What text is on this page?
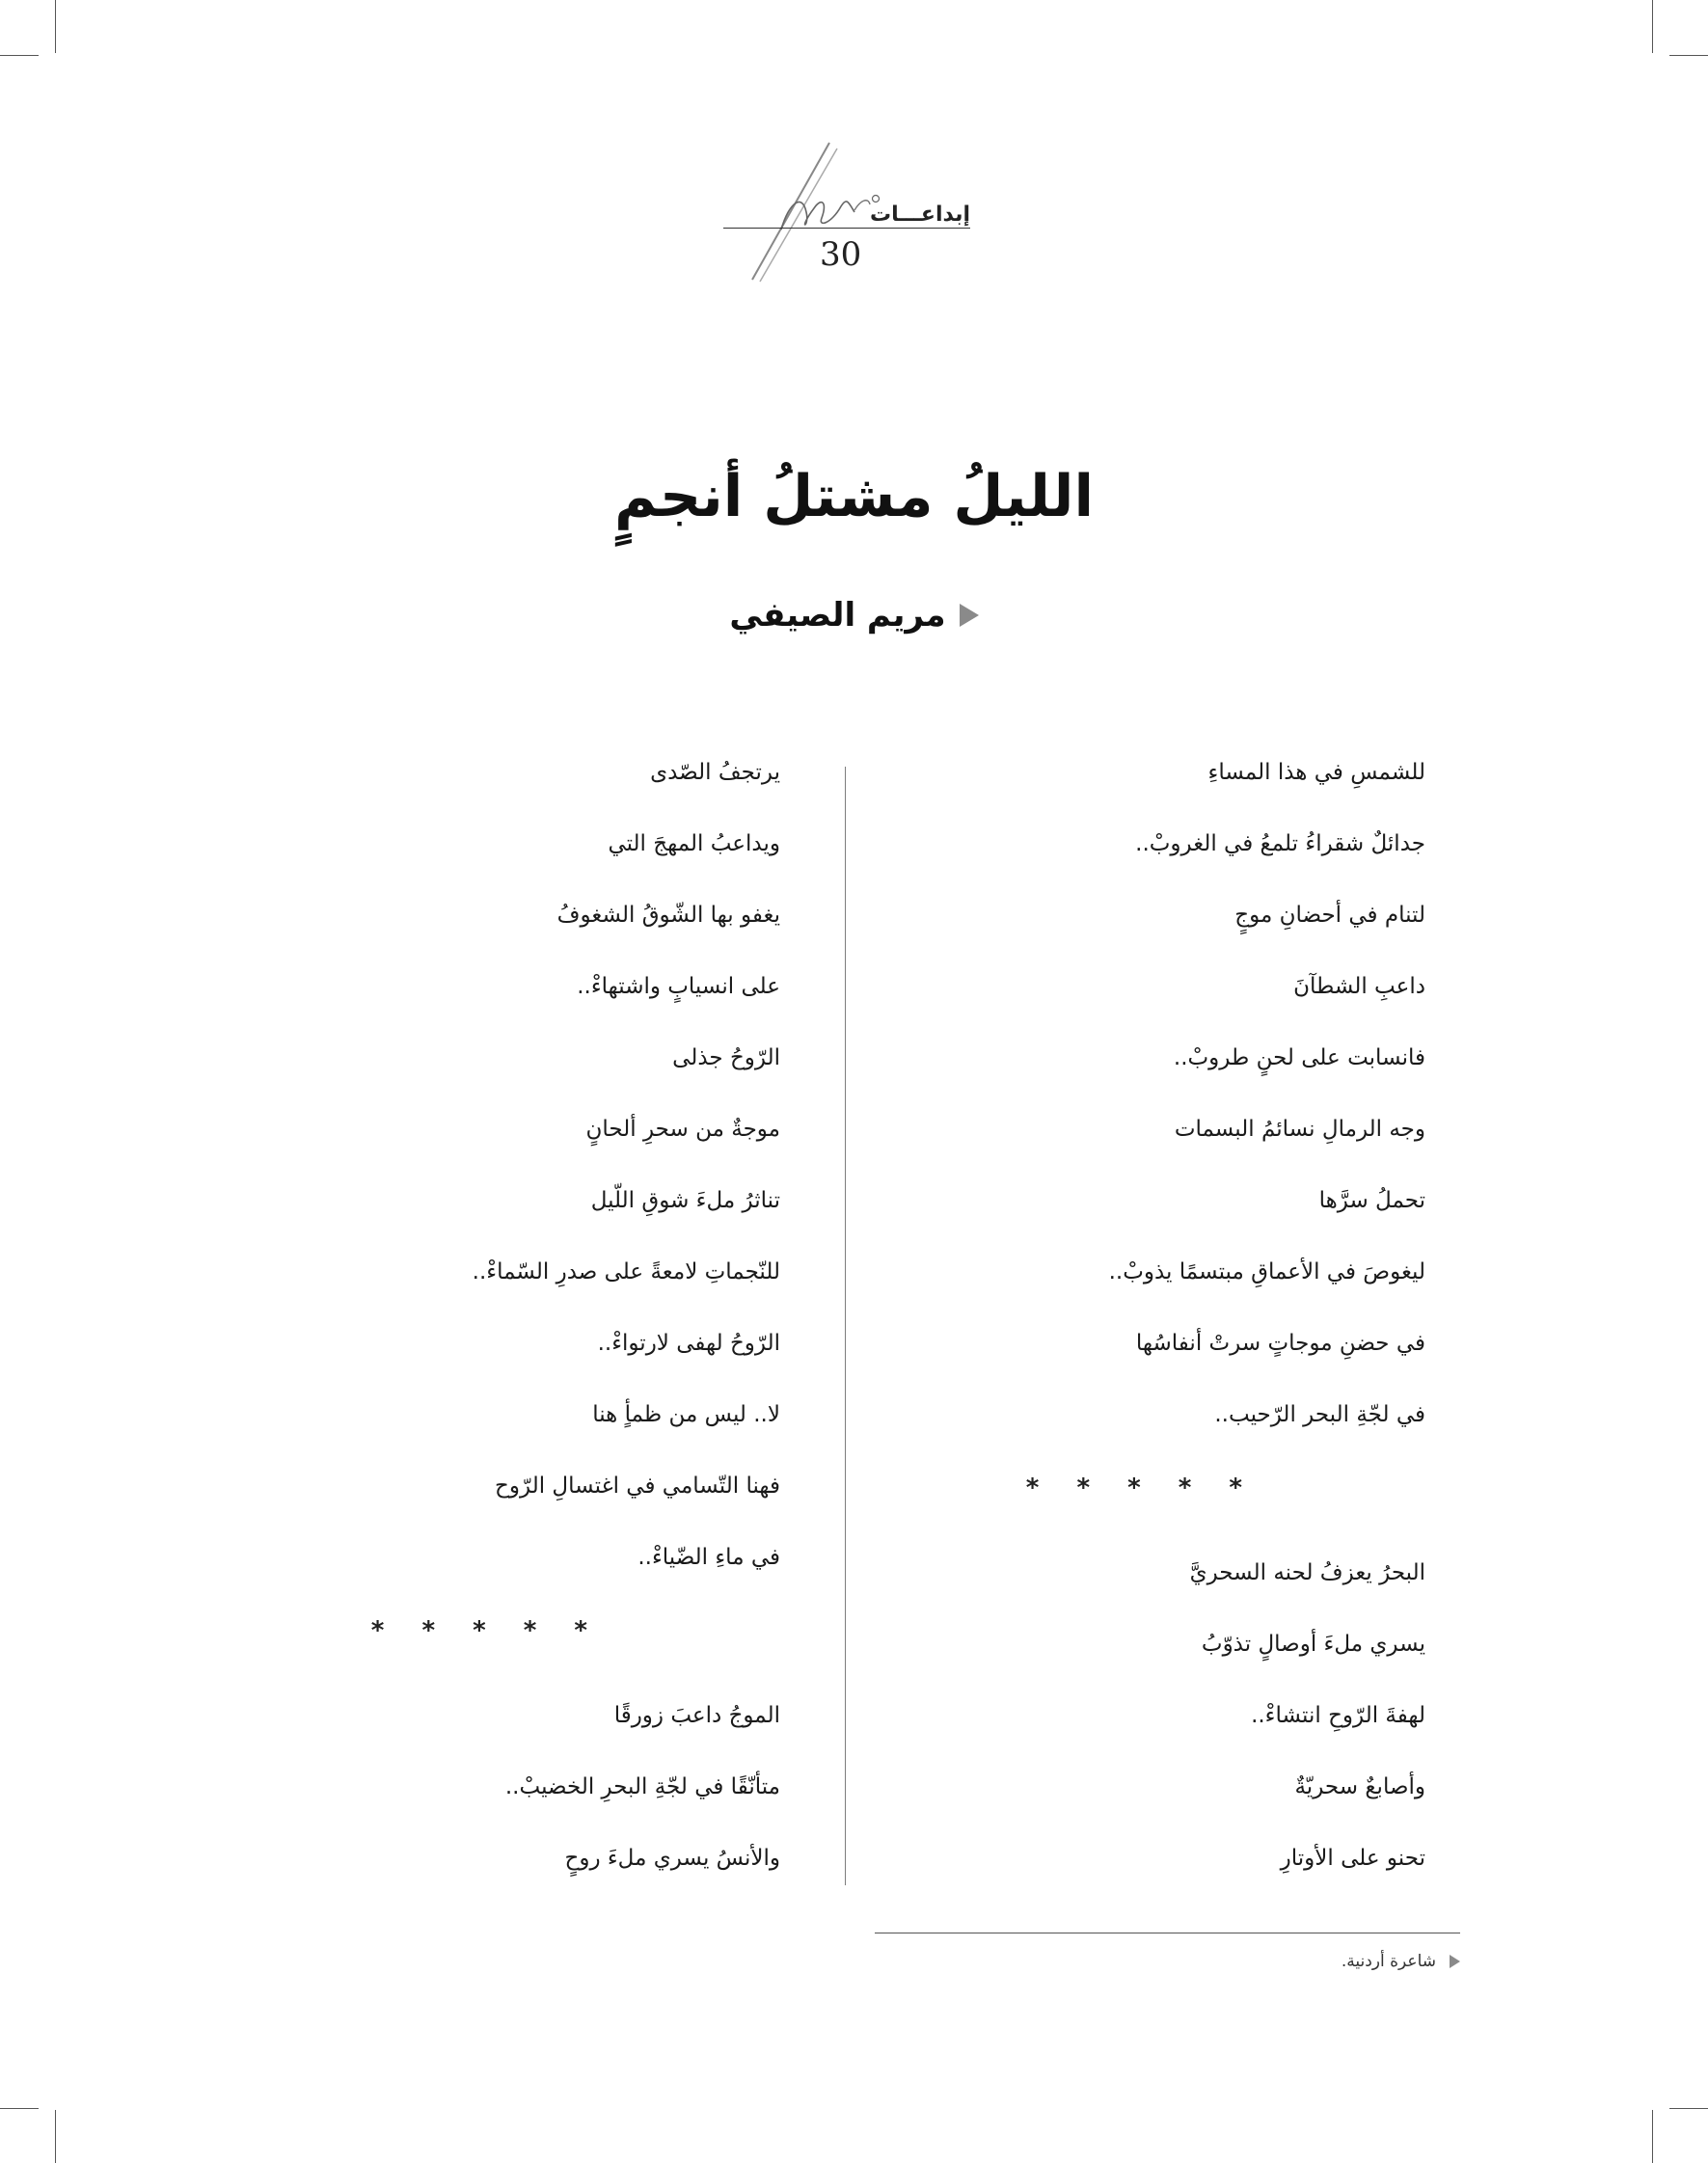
إبداعـــات
30
الليلُ مشتلُ أنجمٍ
مريم الصيفي
للشمسِ في هذا المساءِ
جدائلٌ شقراءُ تلمعُ في الغروبْ..
لتنام في أحضانِ موجٍ
داعبِ الشطآنَ
فانسابت على لحنٍ طروبْ..
وجه الرمالِ نسائمُ البسمات
تحملُ سرَّها
ليغوصَ في الأعماقِ مبتسمًا يذوبْ..
في حضنِ موجاتٍ سرتْ أنفاسُها
في لجّةِ البحر الرّحيب..
* * * * *
البحرُ يعزفُ لحنه السحريَّ
يسري ملءَ أوصالٍ تذوّبُ
لهفةَ الرّوحِ انتشاءْ..
وأصابعٌ سحريّةٌ
تحنو على الأوتارِ
يرتجفُ الصّدى
ويداعبُ المهجَ التي
يغفو بها الشّوقُ الشغوفُ
على انسيابٍ واشتهاءْ..
الرّوحُ جذلى
موجةٌ من سحرِ ألحانٍ
تناثرُ ملءَ شوقِ اللّيل
للنّجماتِ لامعةً على صدرِ السّماءْ..
الرّوحُ لهفى لارتواءْ..
لا.. ليس من ظمأٍ هنا
فهنا التّسامي في اغتسالِ الرّوح
في ماءِ الضّياءْ..
* * * * *
الموجُ داعبَ زورقًا
متأنّقًا في لجّةِ البحرِ الخضيبْ..
والأنسُ يسري ملءَ روحٍ
شاعرة أردنية.
